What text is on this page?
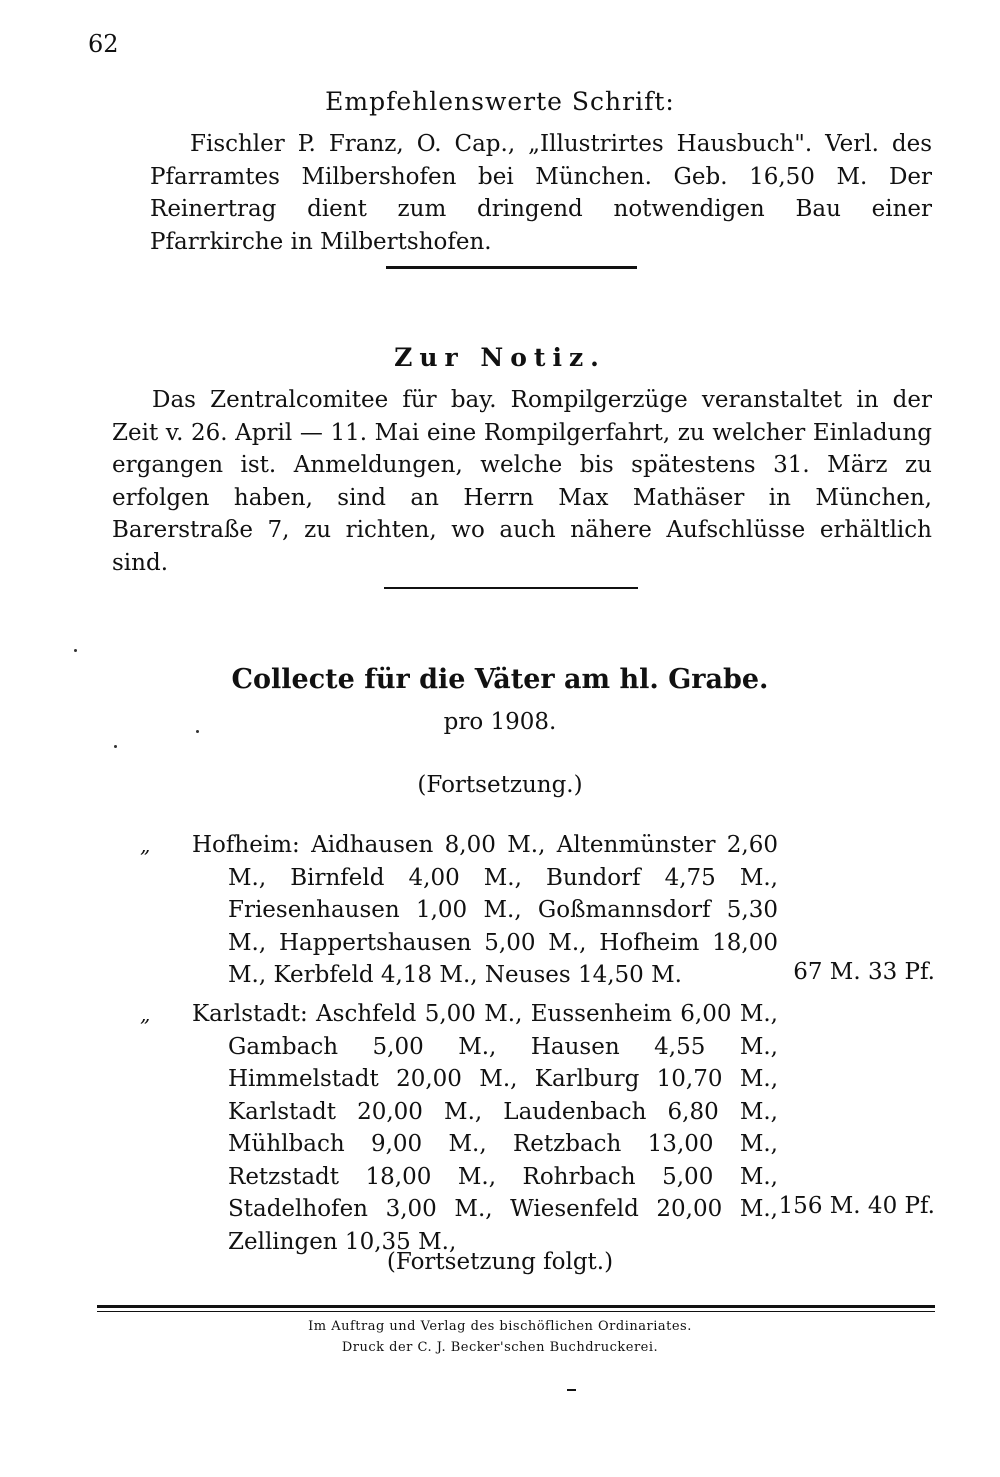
62
Empfehlenswerte Schrift:

Fischler P. Franz, O. Cap., „Illustrirtes Hausbuch". Verl. des Pfarramtes Milbershofen bei München. Geb. 16,50 M. Der Reinertrag dient zum dringend notwendigen Bau einer Pfarrkirche in Milbertshofen.

Zur Notiz.

Das Zentralcomitee für bay. Rompilgerzüge veranstaltet in der Zeit v. 26. April — 11. Mai eine Rompilgerfahrt, zu welcher Einladung ergangen ist. Anmeldungen, welche bis spätestens 31. März zu erfolgen haben, sind an Herrn Max Mathäser in München, Barerstraße 7, zu richten, wo auch nähere Aufschlüsse erhältlich sind.

Collecte für die Väter am hl. Grabe.
pro 1908.
(Fortsetzung.)
„ Hofheim: Aidhausen 8,00 M., Altenmünster 2,60 M., Birnfeld 4,00 M., Bundorf 4,75 M., Friesenhausen 1,00 M., Goßmannsdorf 5,30 M., Happertshausen 5,00 M., Hofheim 18,00 M., Kerbfeld 4,18 M., Neuses 14,50 M.	67 M. 33 Pf.
„ Karlstadt: Aschfeld 5,00 M., Eussenheim 6,00 M., Gambach 5,00 M., Hausen 4,55 M., Himmelstadt 20,00 M., Karlburg 10,70 M., Karlstadt 20,00 M., Laudenbach 6,80 M., Mühlbach 9,00 M., Retzbach 13,00 M., Retzstadt 18,00 M., Rohrbach 5,00 M., Stadelhofen 3,00 M., Wiesenfeld 20,00 M., Zellingen 10,35 M.,
156 M. 40 Pf.
(Fortsetzung folgt.)
Im Auftrag und Verlag des bischöflichen Ordinariates.
Druck der C. J. Becker'schen Buchdruckerei.
